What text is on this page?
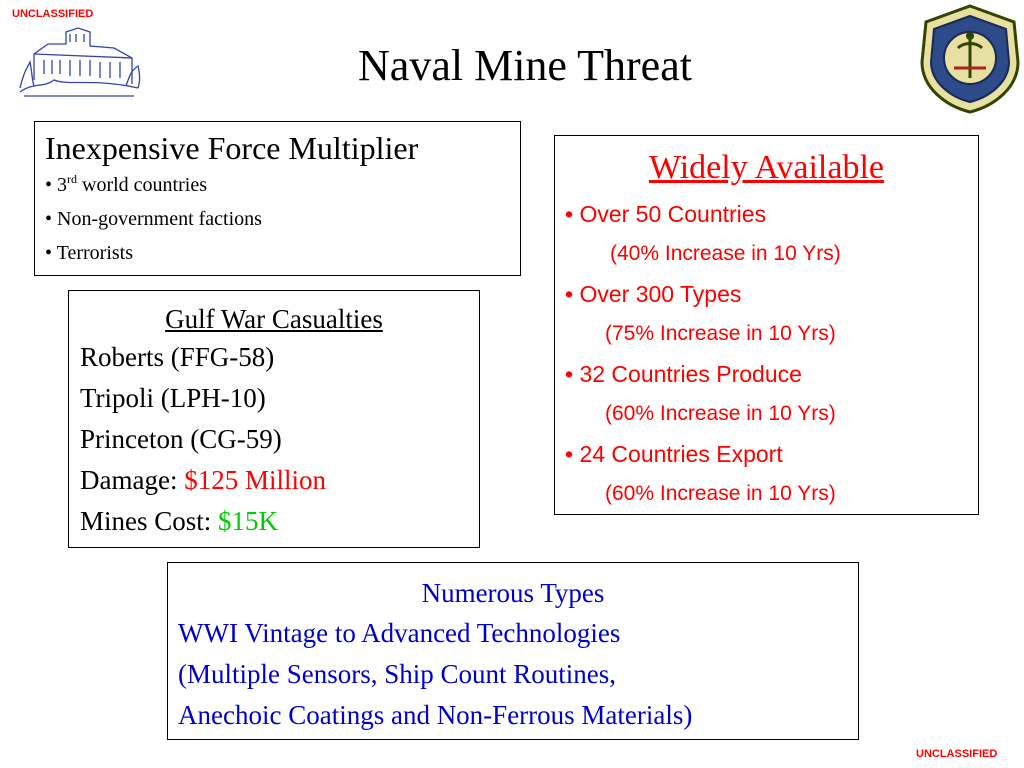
UNCLASSIFIED
Naval Mine Threat
Inexpensive Force Multiplier
• 3rd world countries
• Non-government factions
• Terrorists
Gulf War Casualties
Roberts (FFG-58)
Tripoli (LPH-10)
Princeton (CG-59)
Damage: $125 Million
Mines Cost: $15K
Widely Available
• Over 50 Countries
(40% Increase in 10 Yrs)
• Over 300 Types
(75% Increase in 10 Yrs)
• 32 Countries Produce
(60% Increase in 10 Yrs)
• 24 Countries Export
(60% Increase in 10 Yrs)
Numerous Types
WWI Vintage to Advanced Technologies
(Multiple Sensors, Ship Count Routines,
Anechoic Coatings and Non-Ferrous Materials)
UNCLASSIFIED
